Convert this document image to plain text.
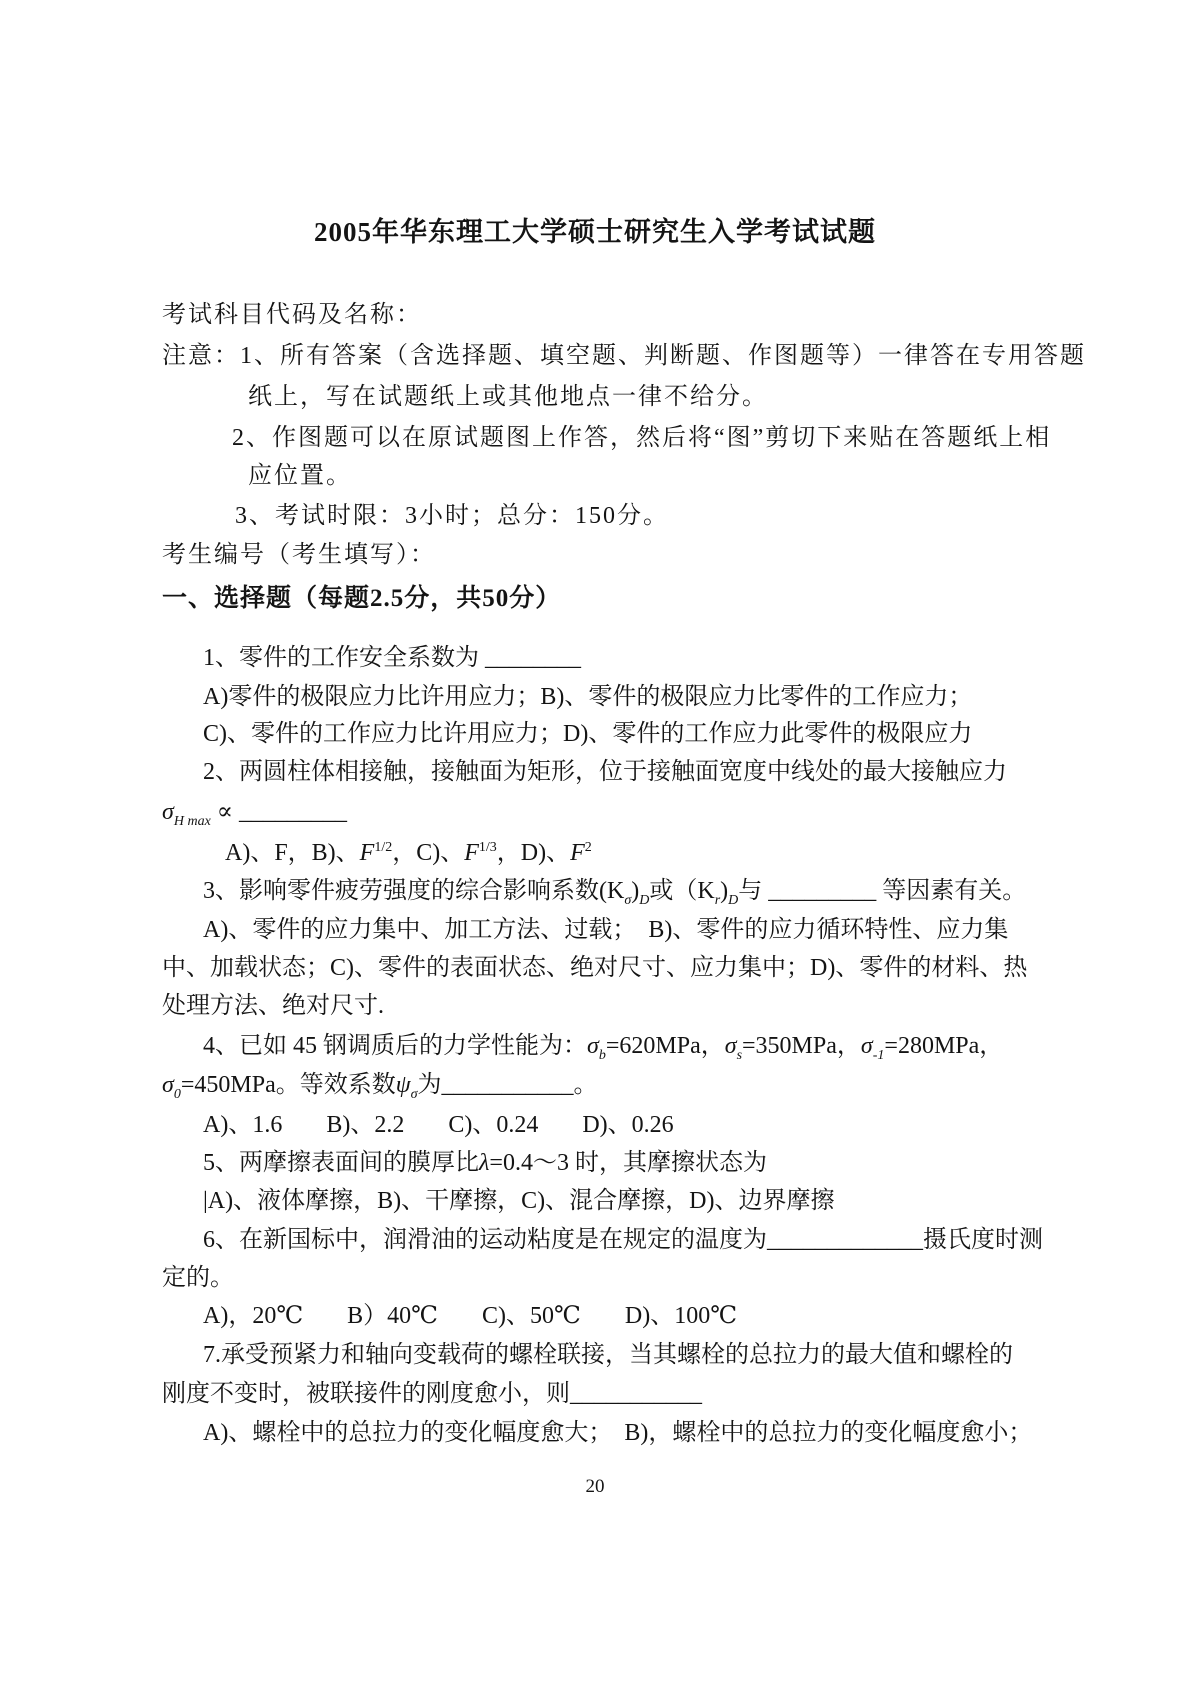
2005年华东理工大学硕士研究生入学考试试题
考试科目代码及名称：
注意：1、所有答案（含选择题、填空题、判断题、作图题等）一律答在专用答题
纸上，写在试题纸上或其他地点一律不给分。
2、作图题可以在原试题图上作答，然后将“图”剪切下来贴在答题纸上相
应位置。
3、考试时限：3小时；总分：150分。
考生编号（考生填写）：
一、选择题（每题2.5分，共50分）
1、零件的工作安全系数为 ________
A)零件的极限应力比许用应力；B)、零件的极限应力比零件的工作应力；
C)、零件的工作应力比许用应力；D)、零件的工作应力此零件的极限应力
2、两圆柱体相接触，接触面为矩形，位于接触面宽度中线处的最大接触应力
$\sigma_{H max}$ ∝ _________
A)、F，B)、$F^{1/2}$，C)、$F^{1/3}$，D)、$F^2$
3、影响零件疲劳强度的综合影响系数$(K_\sigma)_D$或$(K_r)_D$与 _________ 等因素有关。
A)、零件的应力集中、加工方法、过载；　B)、零件的应力循环特性、应力集
中、加载状态；C)、零件的表面状态、绝对尺寸、应力集中；D)、零件的材料、热
处理方法、绝对尺寸.
4、已如 45 钢调质后的力学性能为：$\sigma_b=620MPa$，$\sigma_s=350MPa$，$\sigma_{-1}=280MPa$，
$\sigma_0=450MPa$。等效系数$\psi_\sigma$为___________。
A)、1.6 B)、2.2 C)、0.24 D)、0.26
5、两摩擦表面间的膜厚比λ=0.4～3 时，其摩擦状态为
|A)、液体摩擦，B)、干摩擦，C)、混合摩擦，D)、边界摩擦
6、在新国标中，润滑油的运动粘度是在规定的温度为_____________摄氏度时测
定的。
A)，20℃ B）40℃ C)、50℃ D)、100℃
7.承受预紧力和轴向变载荷的螺栓联接，当其螺栓的总拉力的最大值和螺栓的
刚度不变时，被联接件的刚度愈小，则___________
A)、螺栓中的总拉力的变化幅度愈大；　B)，螺栓中的总拉力的变化幅度愈小；
20
